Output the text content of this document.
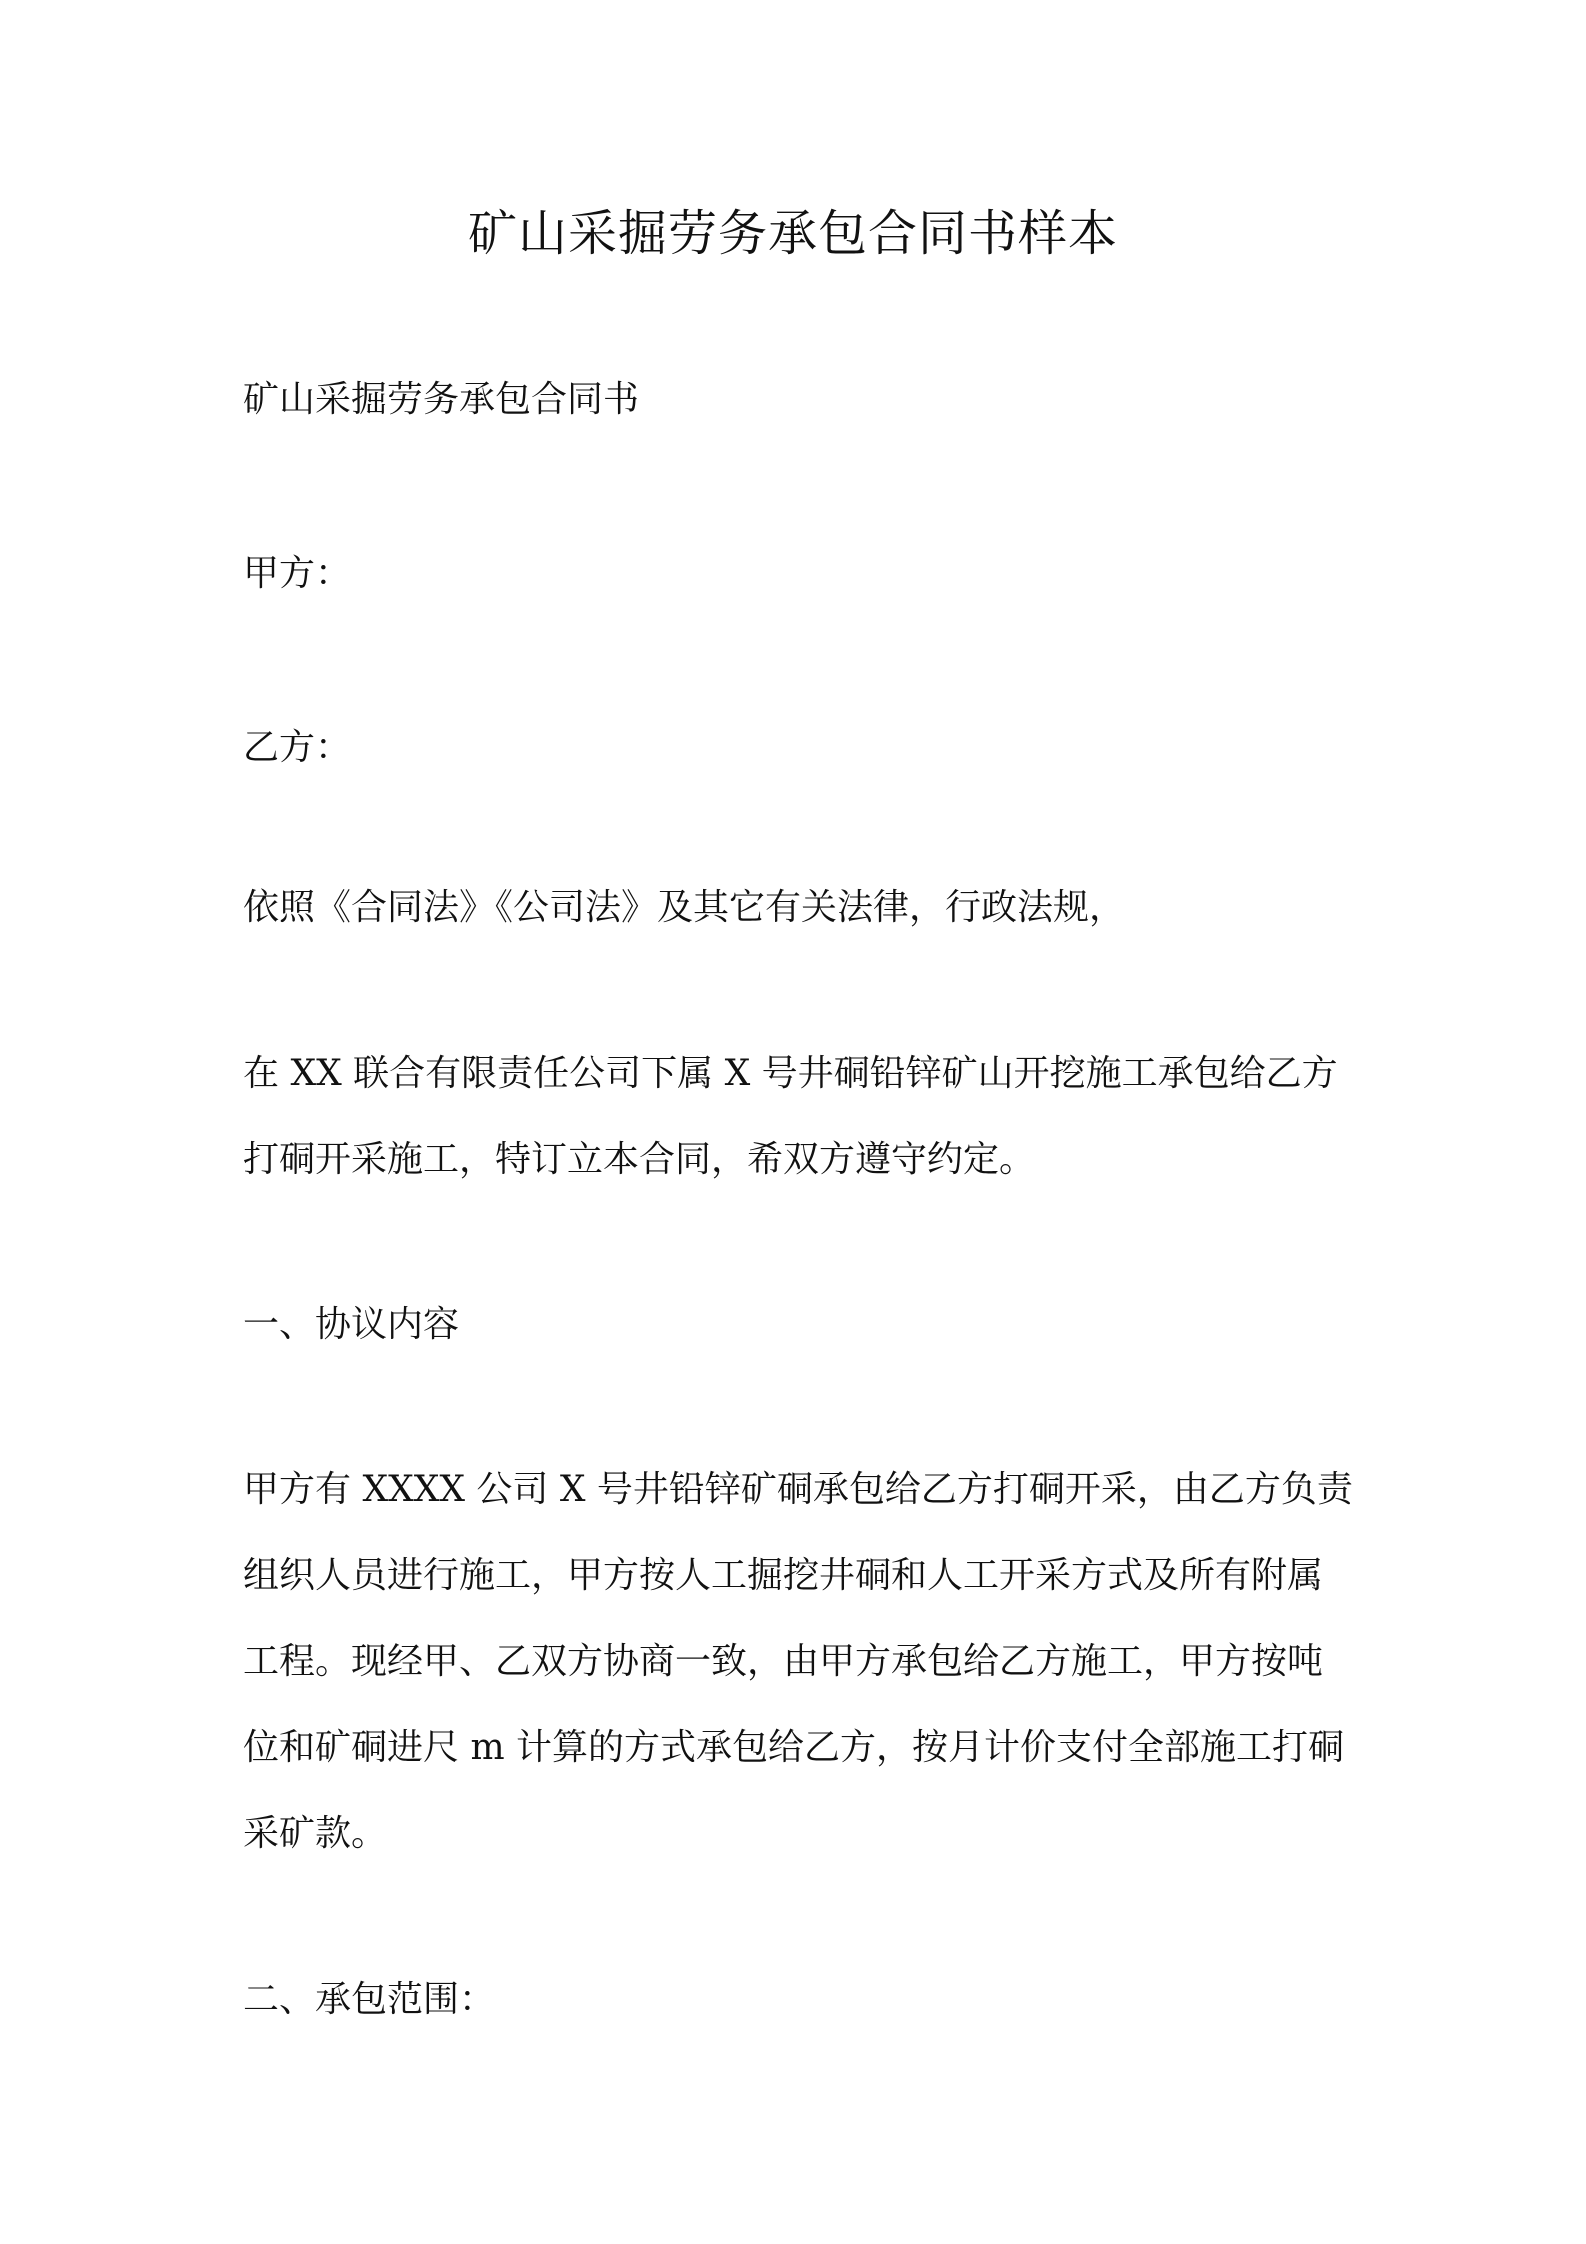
矿山采掘劳务承包合同书样本

矿山采掘劳务承包合同书

甲方：

乙方：

依照《合同法》《公司法》及其它有关法律，行政法规，

在 XX 联合有限责任公司下属 X 号井硐铅锌矿山开挖施工承包给乙方
打硐开采施工，特订立本合同，希双方遵守约定。

一、协议内容

甲方有 XXXX 公司 X 号井铅锌矿硐承包给乙方打硐开采，由乙方负责
组织人员进行施工，甲方按人工掘挖井硐和人工开采方式及所有附属
工程。现经甲、乙双方协商一致，由甲方承包给乙方施工，甲方按吨
位和矿硐进尺 m 计算的方式承包给乙方，按月计价支付全部施工打硐
采矿款。

二、承包范围：
